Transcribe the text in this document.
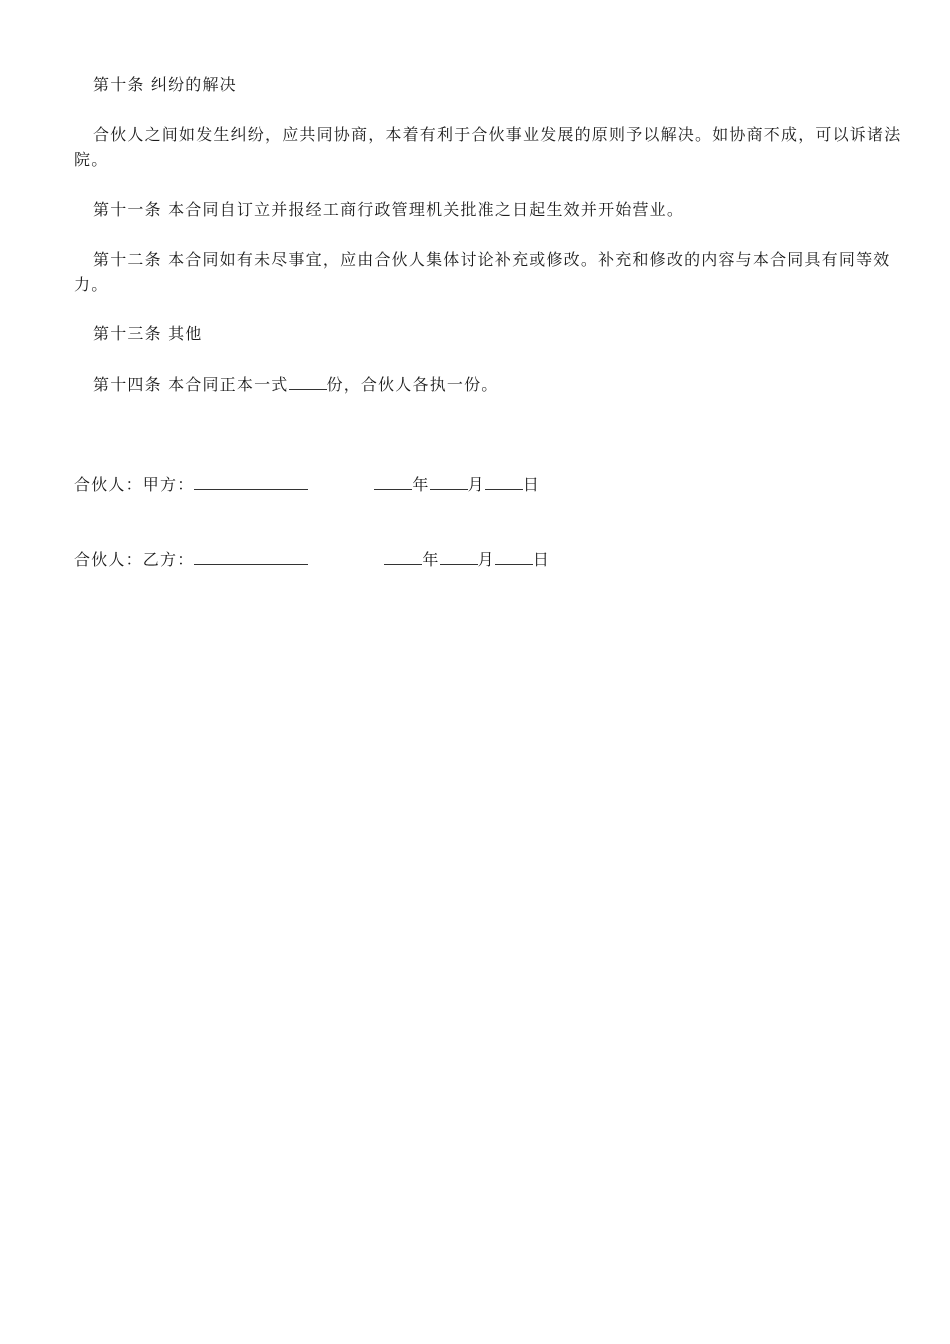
第十条 纠纷的解决

合伙人之间如发生纠纷，应共同协商，本着有利于合伙事业发展的原则予以解决。如协商不成，可以诉诸法院。

第十一条 本合同自订立并报经工商行政管理机关批准之日起生效并开始营业。

第十二条 本合同如有未尽事宜，应由合伙人集体讨论补充或修改。补充和修改的内容与本合同具有同等效力。

第十三条 其他

第十四条 本合同正本一式 份，合伙人各执一份。

合伙人：甲方：	年 月 日
合伙人：乙方：	年 月 日
